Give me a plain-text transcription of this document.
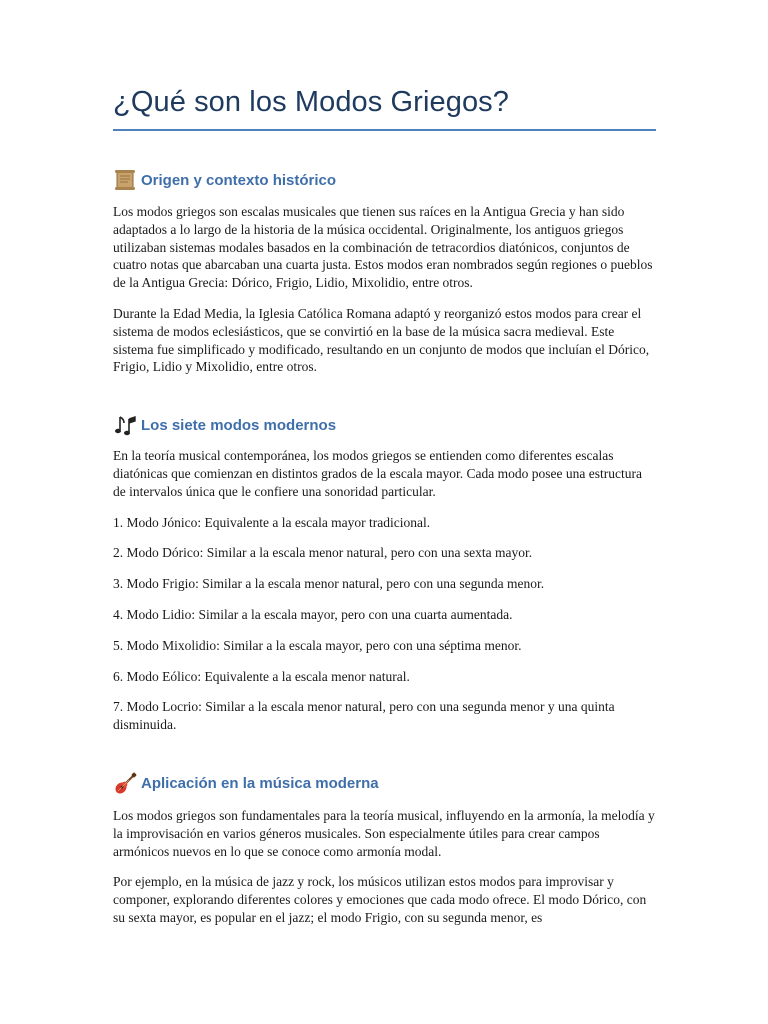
¿Qué son los Modos Griegos?
Origen y contexto histórico

Los modos griegos son escalas musicales que tienen sus raíces en la Antigua Grecia y han sido adaptados a lo largo de la historia de la música occidental. Originalmente, los antiguos griegos utilizaban sistemas modales basados en la combinación de tetracordios diatónicos, conjuntos de cuatro notas que abarcaban una cuarta justa. Estos modos eran nombrados según regiones o pueblos de la Antigua Grecia: Dórico, Frigio, Lidio, Mixolidio, entre otros.

Durante la Edad Media, la Iglesia Católica Romana adaptó y reorganizó estos modos para crear el sistema de modos eclesiásticos, que se convirtió en la base de la música sacra medieval. Este sistema fue simplificado y modificado, resultando en un conjunto de modos que incluían el Dórico, Frigio, Lidio y Mixolidio, entre otros.

Los siete modos modernos

En la teoría musical contemporánea, los modos griegos se entienden como diferentes escalas diatónicas que comienzan en distintos grados de la escala mayor. Cada modo posee una estructura de intervalos única que le confiere una sonoridad particular.

1. Modo Jónico: Equivalente a la escala mayor tradicional.

2. Modo Dórico: Similar a la escala menor natural, pero con una sexta mayor.

3. Modo Frigio: Similar a la escala menor natural, pero con una segunda menor.

4. Modo Lidio: Similar a la escala mayor, pero con una cuarta aumentada.

5. Modo Mixolidio: Similar a la escala mayor, pero con una séptima menor.

6. Modo Eólico: Equivalente a la escala menor natural.

7. Modo Locrio: Similar a la escala menor natural, pero con una segunda menor y una quinta disminuida.

Aplicación en la música moderna

Los modos griegos son fundamentales para la teoría musical, influyendo en la armonía, la melodía y la improvisación en varios géneros musicales. Son especialmente útiles para crear campos armónicos nuevos en lo que se conoce como armonía modal.

Por ejemplo, en la música de jazz y rock, los músicos utilizan estos modos para improvisar y componer, explorando diferentes colores y emociones que cada modo ofrece. El modo Dórico, con su sexta mayor, es popular en el jazz; el modo Frigio, con su segunda menor, es
